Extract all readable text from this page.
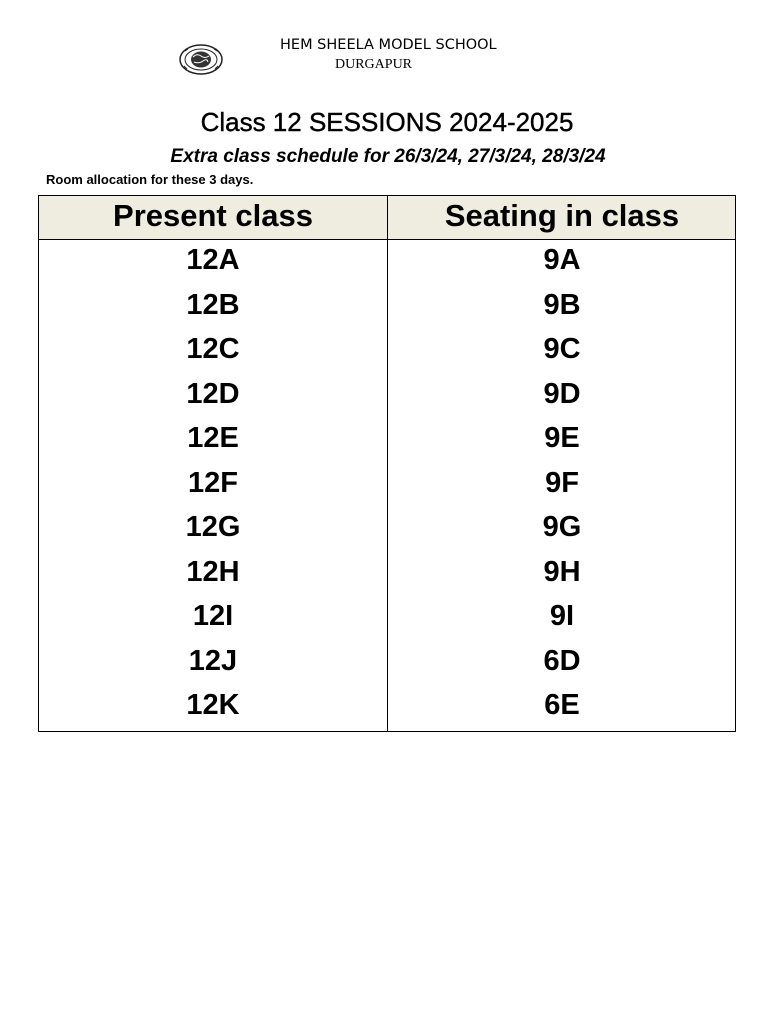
HEM SHEELA MODEL SCHOOL
DURGAPUR
Class 12 SESSIONS 2024-2025
Extra class schedule for 26/3/24, 27/3/24, 28/3/24
Room allocation for these 3 days.
Present class	Seating in class
12A	9A
12B	9B
12C	9C
12D	9D
12E	9E
12F	9F
12G	9G
12H	9H
12I	9I
12J	6D
12K	6E
